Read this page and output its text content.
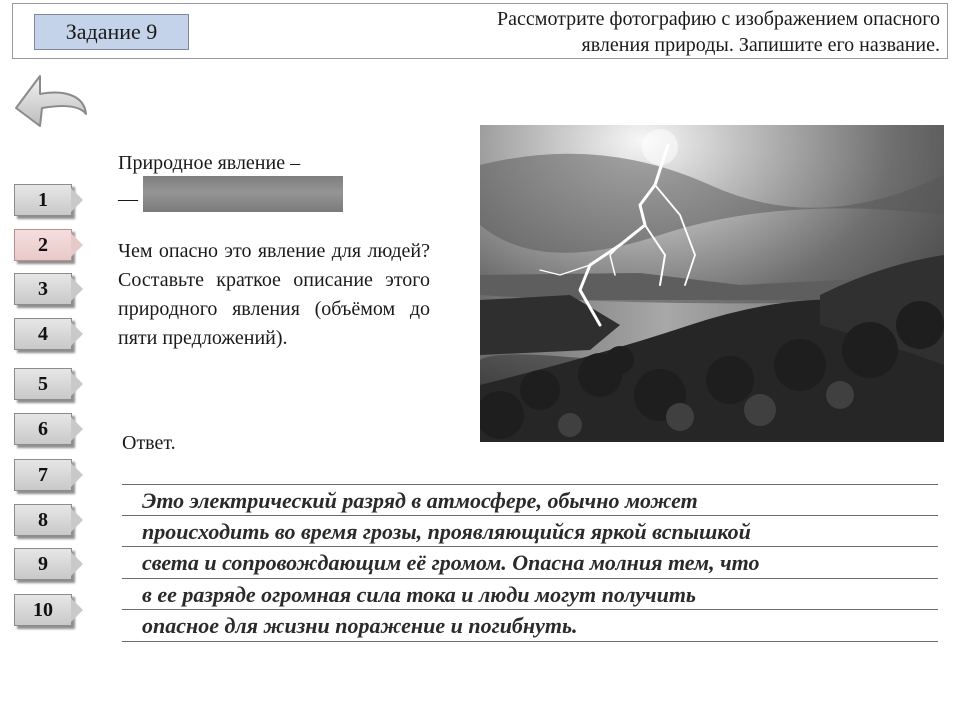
Задание 9	Рассмотрите фотографию с изображением опасного
явления природы. Запишите его название.
1
2
3
4
5
6
7
8
9
10
Природное явление –
—
Чем опасно это явление для людей? Составьте краткое описание этого природного явления (объёмом до пяти предложений).
Ответ.
Это электрический разряд в атмосфере, обычно может
происходить во время грозы, проявляющийся яркой вспышкой
света и сопровождающим её громом. Опасна молния тем, что
в ее разряде огромная сила тока и люди могут получить
опасное для жизни поражение и погибнуть.
